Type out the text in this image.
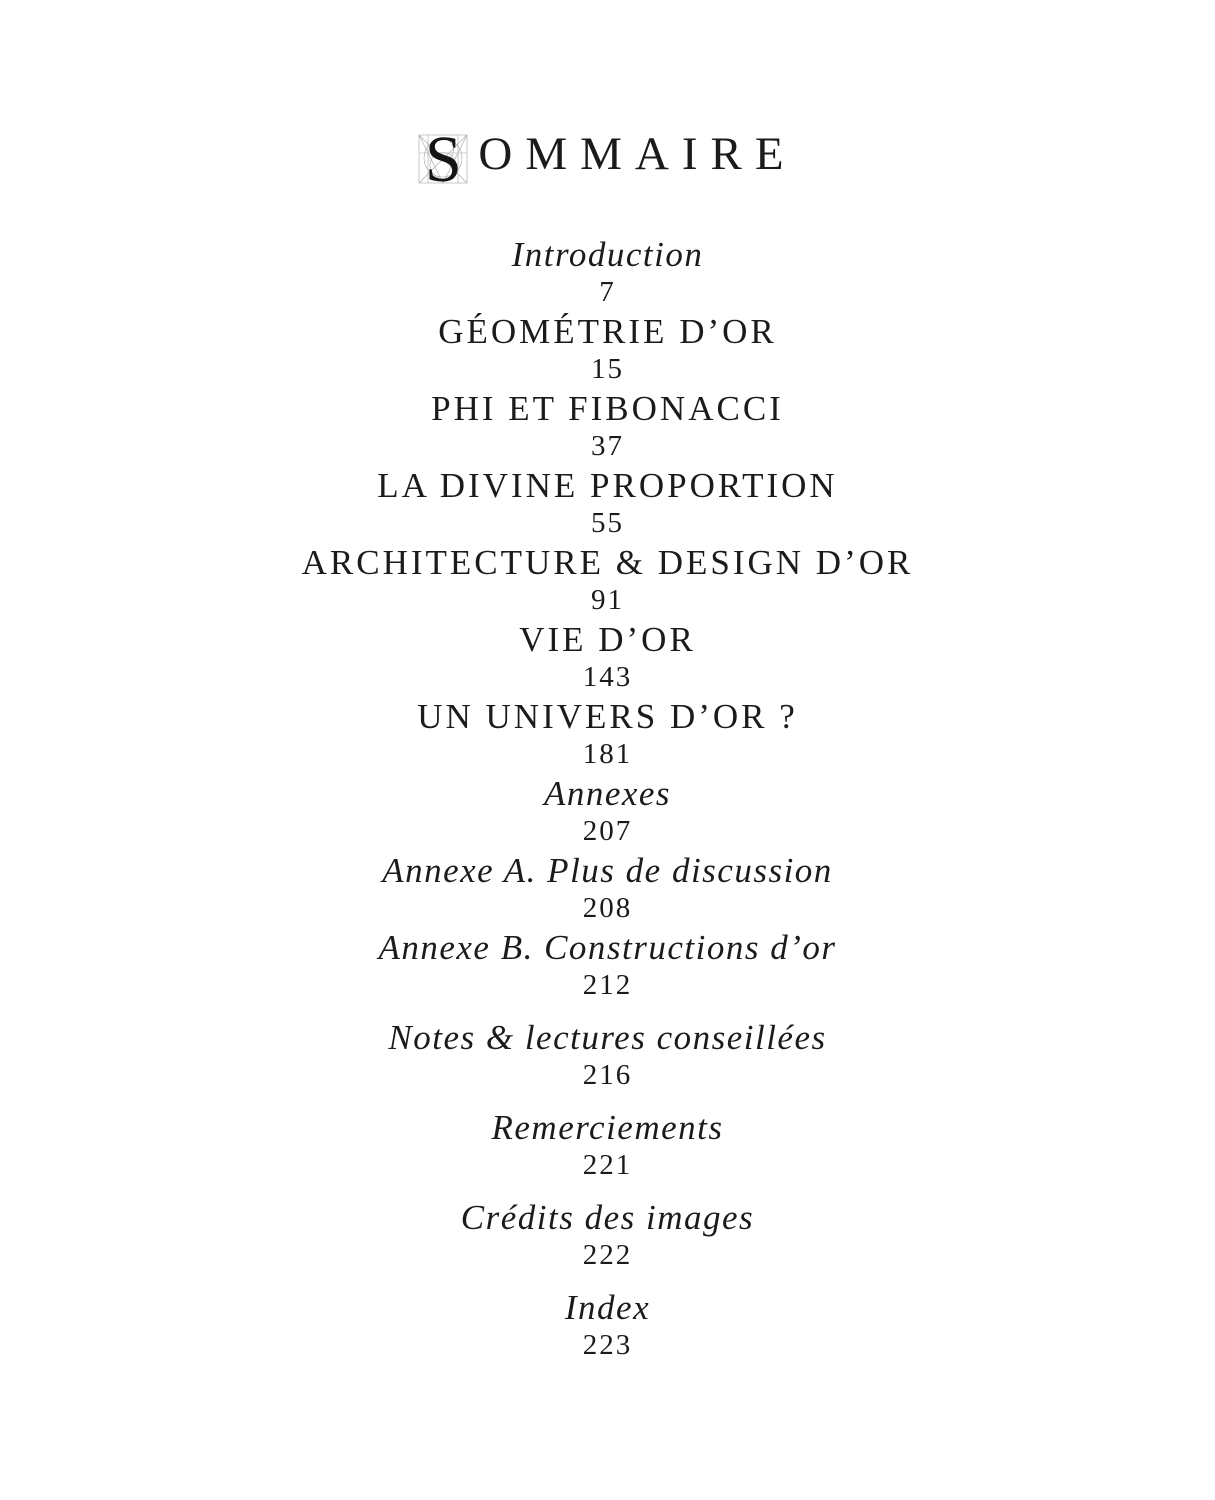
S OMMAIRE
Introduction
7
GÉOMÉTRIE D’OR
15
PHI ET FIBONACCI
37
LA DIVINE PROPORTION
55
ARCHITECTURE & DESIGN D’OR
91
VIE D’OR
143
UN UNIVERS D’OR ?
181
Annexes
207
Annexe A. Plus de discussion
208
Annexe B. Constructions d’or
212
Notes & lectures conseillées
216
Remerciements
221
Crédits des images
222
Index
223
